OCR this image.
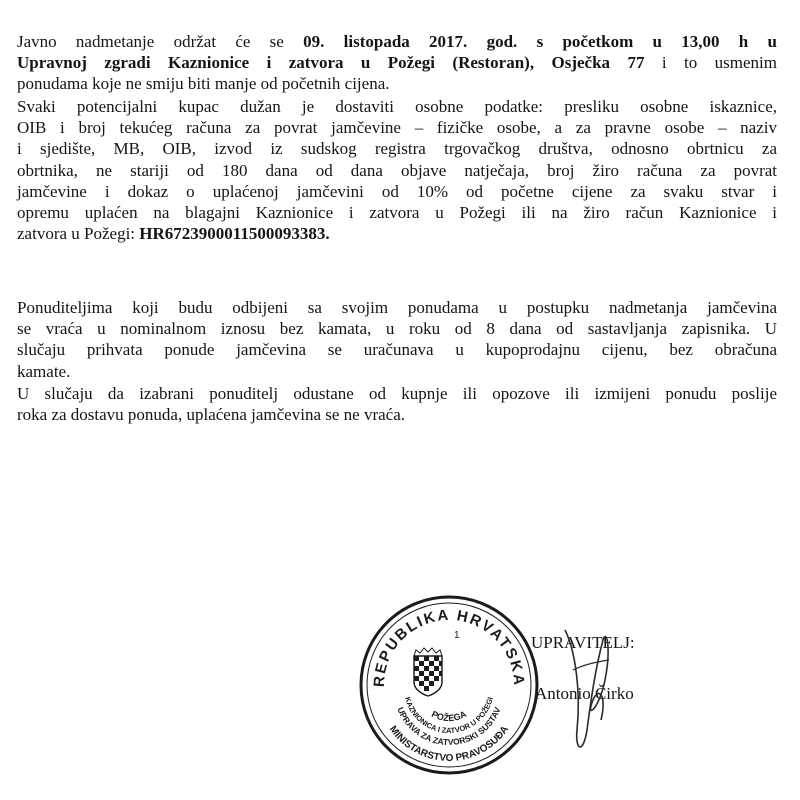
Javno nadmetanje održat će se 09. listopada 2017. god. s početkom u 13,00 h u
Upravnoj zgradi Kaznionice i zatvora u Požegi (Restoran), Osječka 77 i to usmenim
ponudama koje ne smiju biti manje od početnih cijena.
Svaki potencijalni kupac dužan je dostaviti osobne podatke: presliku osobne iskaznice,
OIB i broj tekućeg računa za povrat jamčevine – fizičke osobe, a za pravne osobe – naziv
i sjedište, MB, OIB, izvod iz sudskog registra trgovačkog društva, odnosno obrtnicu za
obrtnika, ne stariji od 180 dana od dana objave natječaja, broj žiro računa za povrat
jamčevine i dokaz o uplaćenoj jamčevini od 10% od početne cijene za svaku stvar i
opremu uplaćen na blagajni Kaznionice i zatvora u Požegi ili na žiro račun Kaznionice i
zatvora u Požegi: HR6723900011500093383.
Ponuditeljima koji budu odbijeni sa svojim ponudama u postupku nadmetanja jamčevina
se vraća u nominalnom iznosu bez kamata, u roku od 8 dana od sastavljanja zapisnika. U
slučaju prihvata ponude jamčevina se uračunava u kupoprodajnu cijenu, bez obračuna
kamate.
U slučaju da izabrani ponuditelj odustane od kupnje ili opozove ili izmijeni ponudu poslije
roka za dostavu ponuda, uplaćena jamčevina se ne vraća.
UPRAVITELJ:
Antonio Čirko
REPUBLIKA HRVATSKA
1
POŽEGA
KAZNIONICA I ZATVOR U POŽEGI
UPRAVA ZA ZATVORSKI SUSTAV
MINISTARSTVO PRAVOSUĐA
